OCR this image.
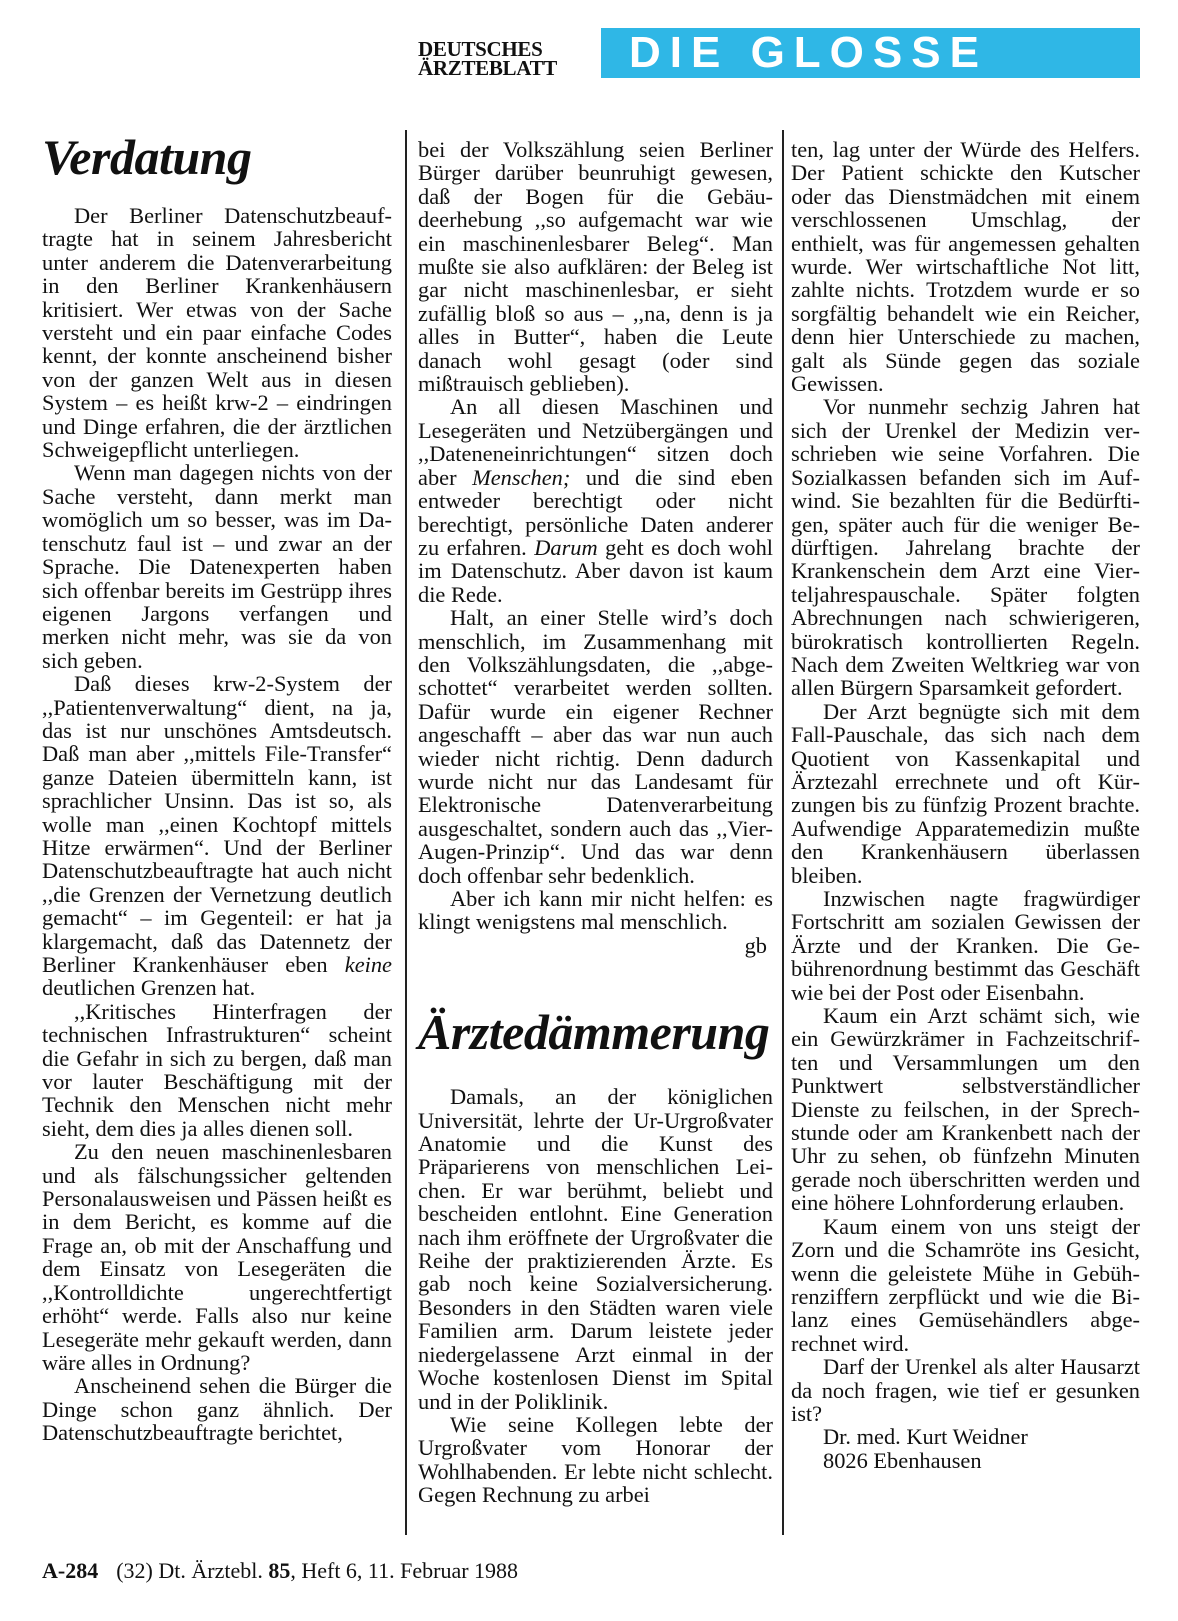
DEUTSCHES
ÄRZTEBLATT	DIE GLOSSE
Verdatung

Der Berliner Datenschutzbeauftragte hat in seinem Jahresbericht unter anderem die Datenverarbeitung in den Berliner Krankenhäusern kritisiert. Wer etwas von der Sache versteht und ein paar einfache Codes kennt, der konnte anscheinend bisher von der ganzen Welt aus in diesen System – es heißt krw-2 – eindringen und Dinge erfahren, die der ärztlichen Schweigepflicht unterliegen.

Wenn man dagegen nichts von der Sache versteht, dann merkt man womöglich um so besser, was im Datenschutz faul ist – und zwar an der Sprache. Die Datenexperten haben sich offenbar bereits im Gestrüpp ihres eigenen Jargons verfangen und merken nicht mehr, was sie da von sich geben.

Daß dieses krw-2-System der ,,Patientenverwaltung“ dient, na ja, das ist nur unschönes Amtsdeutsch. Daß man aber ,,mittels File-Transfer“ ganze Dateien übermitteln kann, ist sprachlicher Unsinn. Das ist so, als wolle man ,,einen Kochtopf mittels Hitze erwärmen“. Und der Berliner Datenschutzbeauftragte hat auch nicht ,,die Grenzen der Vernetzung deutlich gemacht“ – im Gegenteil: er hat ja klargemacht, daß das Datennetz der Berliner Krankenhäuser eben keine deutlichen Grenzen hat.

,,Kritisches Hinterfragen der technischen Infrastrukturen“ scheint die Gefahr in sich zu bergen, daß man vor lauter Beschäftigung mit der Technik den Menschen nicht mehr sieht, dem dies ja alles dienen soll.

Zu den neuen maschinenlesbaren und als fälschungssicher geltenden Personalausweisen und Pässen heißt es in dem Bericht, es komme auf die Frage an, ob mit der Anschaffung und dem Einsatz von Lesegeräten die ,,Kontrolldichte ungerechtfertigt erhöht“ werde. Falls also nur keine Lesegeräte mehr gekauft werden, dann wäre alles in Ordnung?

Anscheinend sehen die Bürger die Dinge schon ganz ähnlich. Der Datenschutzbeauftragte berichtet,

bei der Volkszählung seien Berliner Bürger darüber beunruhigt gewesen, daß der Bogen für die Gebäudeerhebung ,,so aufgemacht war wie ein maschinenlesbarer Beleg“. Man mußte sie also aufklären: der Beleg ist gar nicht maschinenlesbar, er sieht zufällig bloß so aus – ,,na, denn is ja alles in Butter“, haben die Leute danach wohl gesagt (oder sind mißtrauisch geblieben).

An all diesen Maschinen und Lesegeräten und Netzübergängen und ,,Dateneneinrichtungen“ sitzen doch aber Menschen; und die sind eben entweder berechtigt oder nicht berechtigt, persönliche Daten anderer zu erfahren. Darum geht es doch wohl im Datenschutz. Aber davon ist kaum die Rede.

Halt, an einer Stelle wird’s doch menschlich, im Zusammenhang mit den Volkszählungsdaten, die ,,abgeschottet“ verarbeitet werden sollten. Dafür wurde ein eigener Rechner angeschafft – aber das war nun auch wieder nicht richtig. Denn dadurch wurde nicht nur das Landesamt für Elektronische Datenverarbeitung ausgeschaltet, sondern auch das ,,Vier-Augen-Prinzip“. Und das war denn doch offenbar sehr bedenklich.

Aber ich kann mir nicht helfen: es klingt wenigstens mal menschlich.

gb
Ärztedämmerung

Damals, an der königlichen Universität, lehrte der Ur-Urgroßvater Anatomie und die Kunst des Präparierens von menschlichen Leichen. Er war berühmt, beliebt und bescheiden entlohnt. Eine Generation nach ihm eröffnete der Urgroßvater die Reihe der praktizierenden Ärzte. Es gab noch keine Sozialversicherung. Besonders in den Städten waren viele Familien arm. Darum leistete jeder niedergelassene Arzt einmal in der Woche kostenlosen Dienst im Spital und in der Poliklinik.

Wie seine Kollegen lebte der Urgroßvater vom Honorar der Wohlhabenden. Er lebte nicht schlecht. Gegen Rechnung zu arbei

ten, lag unter der Würde des Helfers. Der Patient schickte den Kutscher oder das Dienstmädchen mit einem verschlossenen Umschlag, der enthielt, was für angemessen gehalten wurde. Wer wirtschaftliche Not litt, zahlte nichts. Trotzdem wurde er so sorgfältig behandelt wie ein Reicher, denn hier Unterschiede zu machen, galt als Sünde gegen das soziale Gewissen.

Vor nunmehr sechzig Jahren hat sich der Urenkel der Medizin verschrieben wie seine Vorfahren. Die Sozialkassen befanden sich im Aufwind. Sie bezahlten für die Bedürftigen, später auch für die weniger Bedürftigen. Jahrelang brachte der Krankenschein dem Arzt eine Vierteljahrespauschale. Später folgten Abrechnungen nach schwierigeren, bürokratisch kontrollierten Regeln. Nach dem Zweiten Weltkrieg war von allen Bürgern Sparsamkeit gefordert.

Der Arzt begnügte sich mit dem Fall-Pauschale, das sich nach dem Quotient von Kassenkapital und Ärztezahl errechnete und oft Kürzungen bis zu fünfzig Prozent brachte. Aufwendige Apparatemedizin mußte den Krankenhäusern überlassen bleiben.

Inzwischen nagte fragwürdiger Fortschritt am sozialen Gewissen der Ärzte und der Kranken. Die Gebührenordnung bestimmt das Geschäft wie bei der Post oder Eisenbahn.

Kaum ein Arzt schämt sich, wie ein Gewürzkrämer in Fachzeitschriften und Versammlungen um den Punktwert selbstverständlicher Dienste zu feilschen, in der Sprechstunde oder am Krankenbett nach der Uhr zu sehen, ob fünfzehn Minuten gerade noch überschritten werden und eine höhere Lohnforderung erlauben.

Kaum einem von uns steigt der Zorn und die Schamröte ins Gesicht, wenn die geleistete Mühe in Gebührenziffern zerpflückt und wie die Bilanz eines Gemüsehändlers abgerechnet wird.

Darf der Urenkel als alter Hausarzt da noch fragen, wie tief er gesunken ist?

Dr. med. Kurt Weidner

8026 Ebenhausen

A-284 (32) Dt. Ärztebl. 85, Heft 6, 11. Februar 1988
